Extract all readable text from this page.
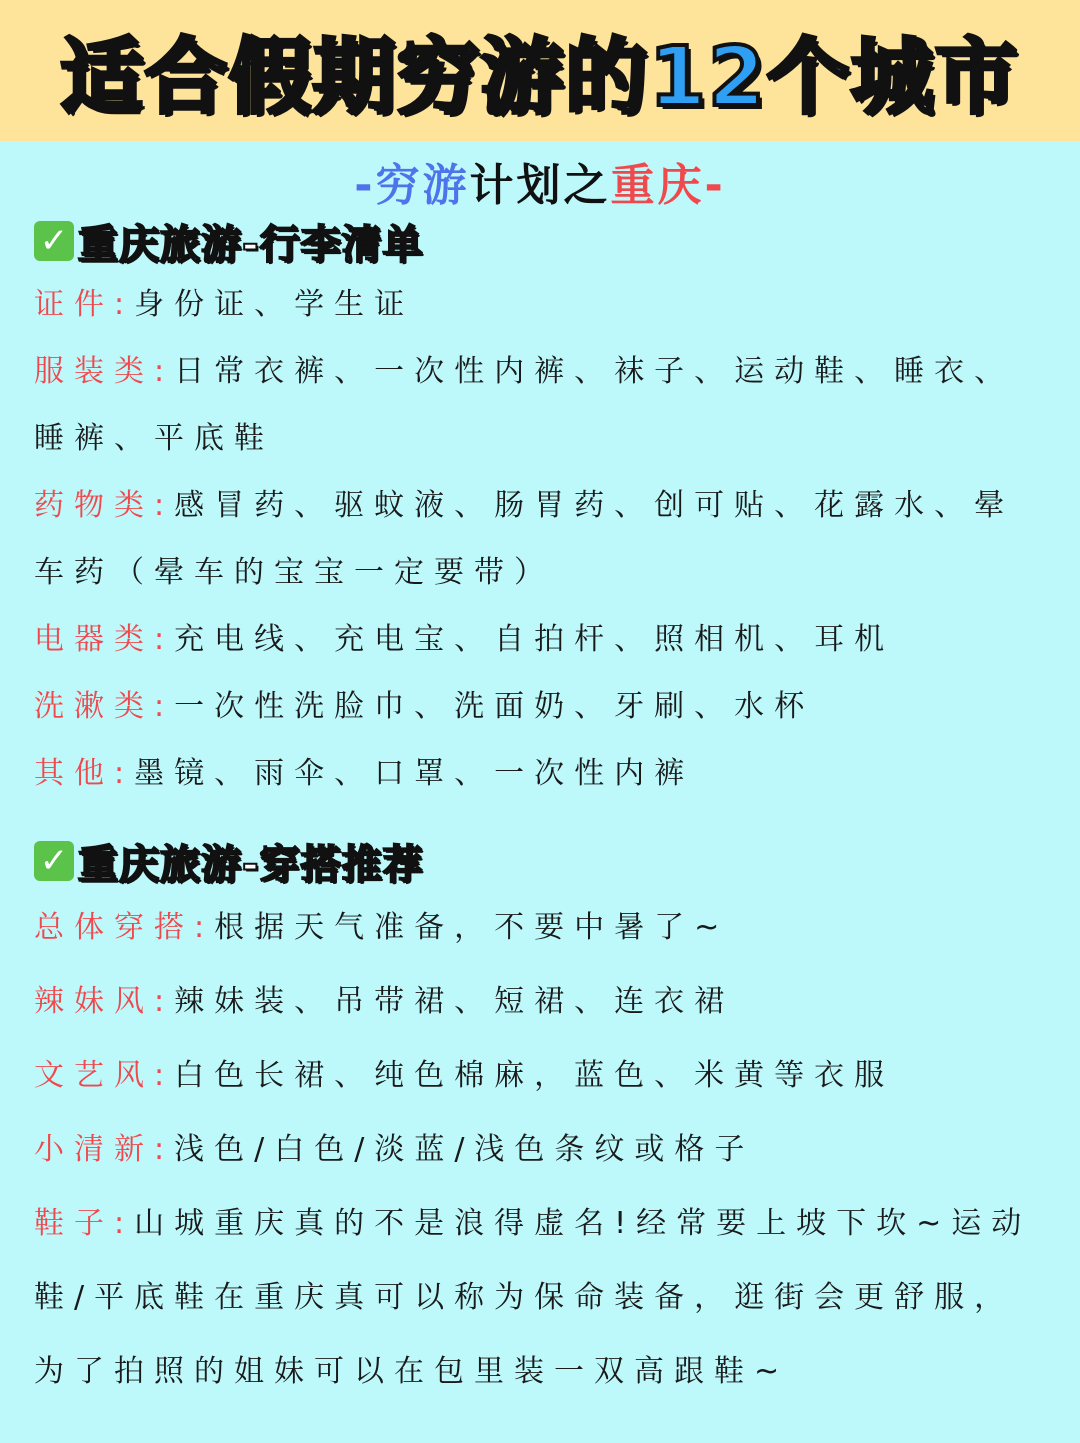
适合 假期穷游 的 12个 城市
-穷游计划之重庆-
✓ 重庆旅游-行李清单
证件:身份证、学生证
服装类:日常衣裤、一次性内裤、袜子、运动鞋、睡衣、睡裤、平底鞋
药物类:感冒药、驱蚊液、肠胃药、创可贴、花露水、晕车药（晕车的宝宝一定要带）
电器类:充电线、充电宝、自拍杆、照相机、耳机
洗漱类:一次性洗脸巾、洗面奶、牙刷、水杯
其他:墨镜、雨伞、口罩、一次性内裤
✓ 重庆旅游-穿搭推荐
总体穿搭:根据天气准备，不要中暑了~
辣妹风:辣妹装、吊带裙、短裙、连衣裙
文艺风:白色长裙、纯色棉麻，蓝色、米黄等衣服
小清新:浅色/白色/淡蓝/浅色条纹或格子
鞋子:山城重庆真的不是浪得虚名!经常要上坡下坎~运动鞋/平底鞋在重庆真可以称为保命装备，逛街会更舒服，为了拍照的姐妹可以在包里装一双高跟鞋~
